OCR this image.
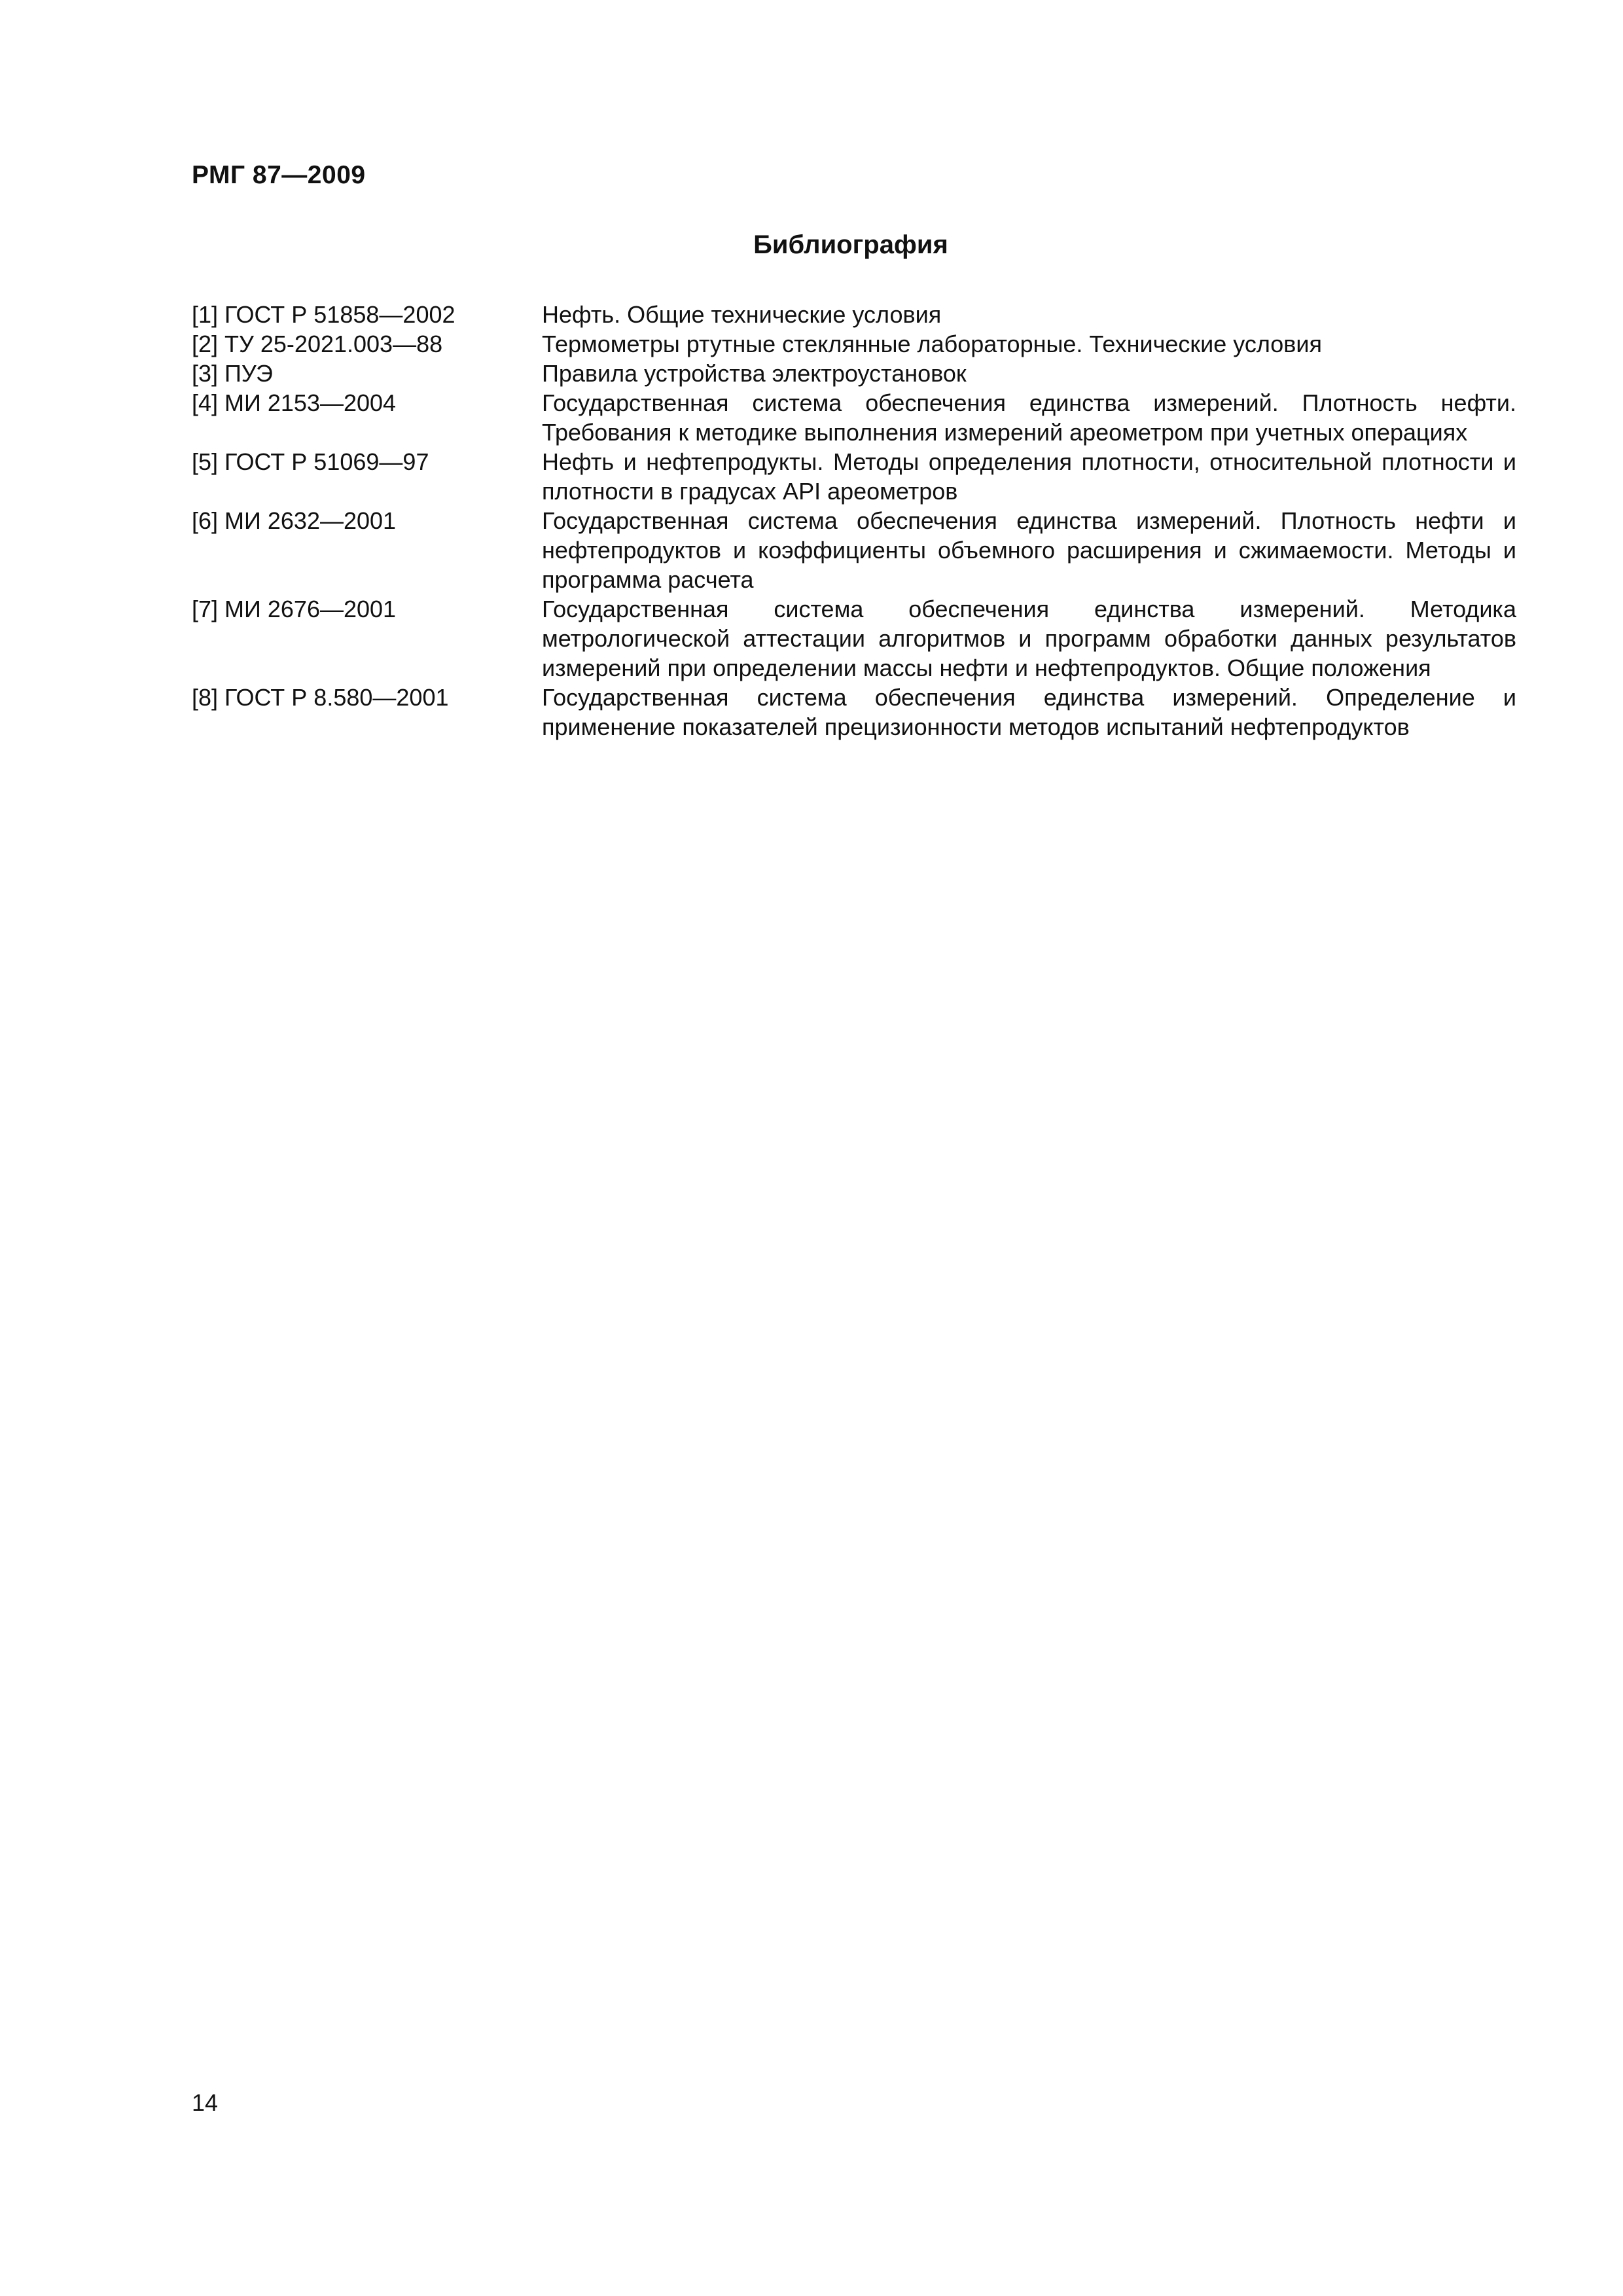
РМГ 87—2009
Библиография
[1] ГОСТ Р 51858—2002	Нефть. Общие технические условия
[2] ТУ 25-2021.003—88	Термометры ртутные стеклянные лабораторные. Технические условия
[3] ПУЭ	Правила устройства электроустановок
[4] МИ 2153—2004	Государственная система обеспечения единства измерений. Плотность нефти. Требования к методике выполнения измерений ареометром при учетных операциях
[5] ГОСТ Р 51069—97	Нефть и нефтепродукты. Методы определения плотности, относительной плотности и плотности в градусах API ареометров
[6] МИ 2632—2001	Государственная система обеспечения единства измерений. Плотность нефти и нефтепродуктов и коэффициенты объемного расширения и сжимаемости. Методы и программа расчета
[7] МИ 2676—2001	Государственная система обеспечения единства измерений. Методика метрологической аттестации алгоритмов и программ обработки данных результатов измерений при определении массы нефти и нефтепродуктов. Общие положения
[8] ГОСТ Р 8.580—2001	Государственная система обеспечения единства измерений. Определение и применение показателей прецизионности методов испытаний нефтепродуктов
14
